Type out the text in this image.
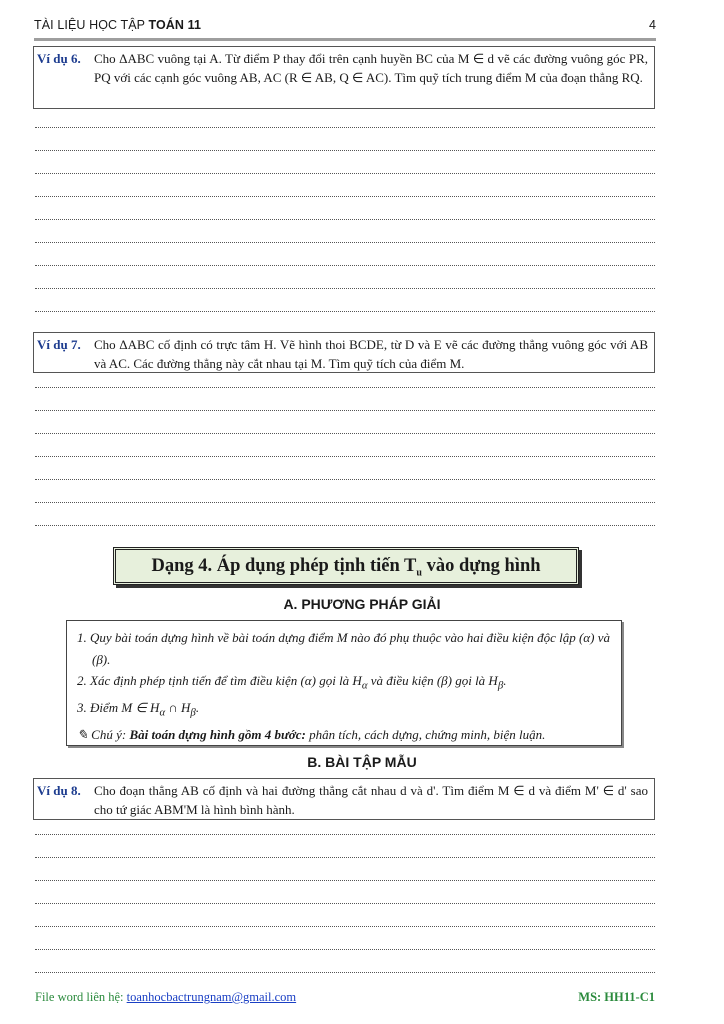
TÀI LIỆU HỌC TẬP TOÁN 11	4
Ví dụ 6. Cho ΔABC vuông tại A. Từ điểm P thay đổi trên cạnh huyền BC của M ∈ d vẽ các đường vuông góc PR, PQ với các cạnh góc vuông AB, AC (R ∈ AB, Q ∈ AC). Tìm quỹ tích trung điểm M của đoạn thẳng RQ.
Ví dụ 7. Cho ΔABC cố định có trực tâm H. Vẽ hình thoi BCDE, từ D và E vẽ các đường thẳng vuông góc với AB và AC. Các đường thẳng này cắt nhau tại M. Tìm quỹ tích của điểm M.
Dạng 4. Áp dụng phép tịnh tiến $T_u$ vào dựng hình
A. PHƯƠNG PHÁP GIẢI
1. Quy bài toán dựng hình về bài toán dựng điểm M nào đó phụ thuộc vào hai điều kiện độc lập (α) và (β).
2. Xác định phép tịnh tiến để tìm điều kiện (α) gọi là $H_\alpha$ và điều kiện (β) gọi là $H_\beta$.
3. Điểm M ∈ $H_\alpha$ ∩ $H_\beta$.
✎ Chú ý: Bài toán dựng hình gồm 4 bước: phân tích, cách dựng, chứng minh, biện luận.
B. BÀI TẬP MẪU
Ví dụ 8. Cho đoạn thẳng AB cố định và hai đường thẳng cắt nhau d và d'. Tìm điểm M ∈ d và điểm M' ∈ d' sao cho tứ giác ABM'M là hình bình hành.
File word liên hệ: toanhocbactrungnam@gmail.com	MS: HH11-C1
